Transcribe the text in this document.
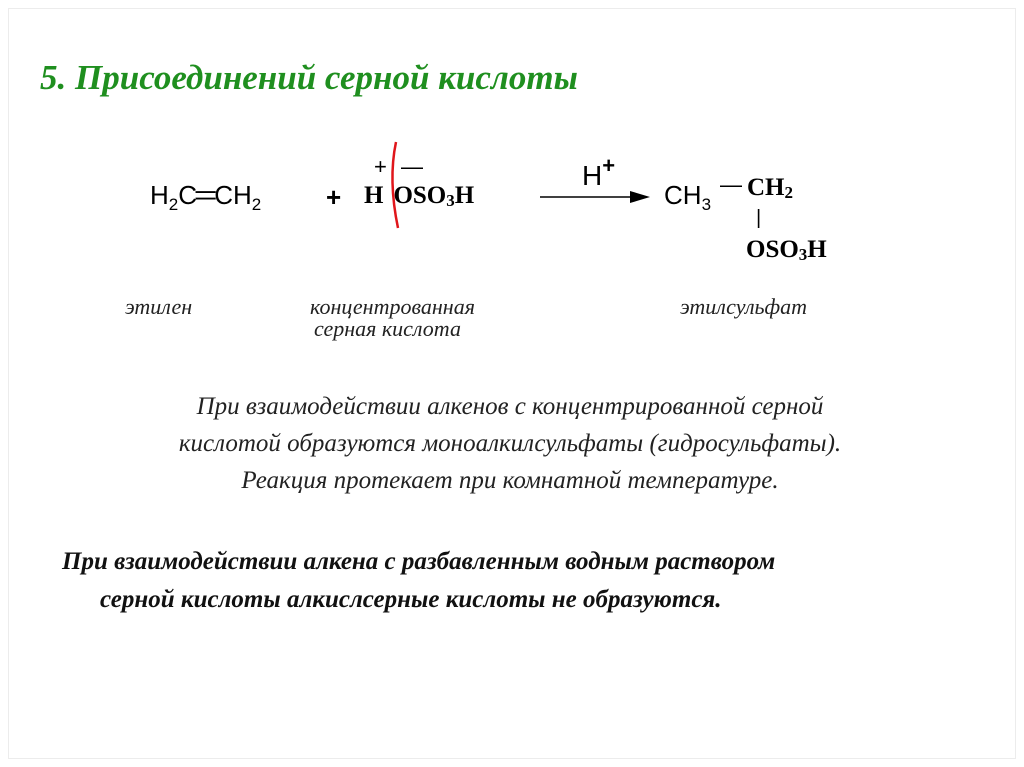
5. Присоединений серной кислоты
$H_2C=CH_2$ +
+ —
H OSO3H
H+
$CH_3$
— CH2
|
OSO3H
этилен	концентрованная
серная кислота
этилсульфат
При взаимодействии алкенов с концентрированной серной
кислотой образуются моноалкилсульфаты (гидросульфаты).
Реакция протекает при комнатной температуре.
При взаимодействии алкена с разбавленным водным раствором
серной кислоты алкислсерные кислоты не образуются.
